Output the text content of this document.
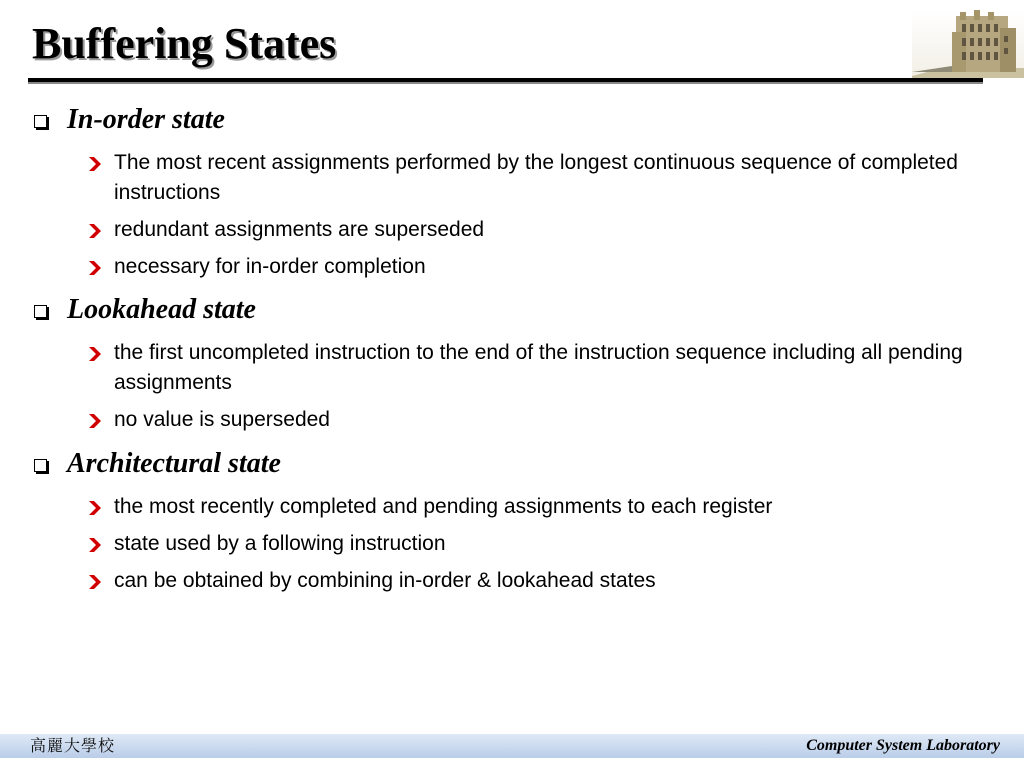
Buffering States
In-order state
The most recent assignments performed by the longest continuous sequence of completed instructions
redundant assignments are superseded
necessary for in-order completion
Lookahead state
the first uncompleted instruction to the end of the instruction sequence including all pending assignments
no value is superseded
Architectural state
the most recently completed and pending assignments to each register
state used by a following instruction
can be obtained by combining in-order & lookahead states
高麗大學校	Computer System Laboratory
